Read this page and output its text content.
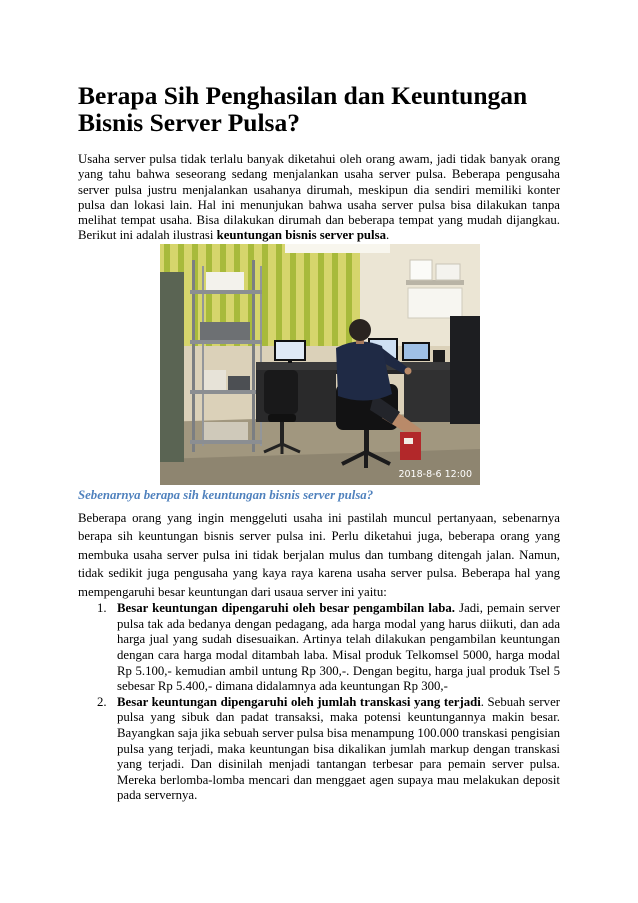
Berapa Sih Penghasilan dan Keuntungan
Bisnis Server Pulsa?

Usaha server pulsa tidak terlalu banyak diketahui oleh orang awam, jadi tidak banyak orang yang tahu bahwa seseorang sedang menjalankan usaha server pulsa. Beberapa pengusaha server pulsa justru menjalankan usahanya dirumah, meskipun dia sendiri memiliki konter pulsa dan lokasi lain. Hal ini menunjukan bahwa usaha server pulsa bisa dilakukan tanpa melihat tempat usaha. Bisa dilakukan dirumah dan beberapa tempat yang mudah dijangkau. Berikut ini adalah ilustrasi keuntungan bisnis server pulsa.

2018-8-6 12:00

Sebenarnya berapa sih keuntungan bisnis server pulsa?

Beberapa orang yang ingin menggeluti usaha ini pastilah muncul pertanyaan, sebenarnya berapa sih keuntungan bisnis server pulsa ini. Perlu diketahui juga, beberapa orang yang membuka usaha server pulsa ini tidak berjalan mulus dan tumbang ditengah jalan. Namun, tidak sedikit juga pengusaha yang kaya raya karena usaha server pulsa. Beberapa hal yang mempengaruhi besar keuntungan dari usaua server ini yaitu:

1. Besar keuntungan dipengaruhi oleh besar pengambilan laba. Jadi, pemain server pulsa tak ada bedanya dengan pedagang, ada harga modal yang harus diikuti, dan ada harga jual yang sudah disesuaikan. Artinya telah dilakukan pengambilan keuntungan dengan cara harga modal ditambah laba. Misal produk Telkomsel 5000, harga modal Rp 5.100,- kemudian ambil untung Rp 300,-. Dengan begitu, harga jual produk Tsel 5 sebesar Rp 5.400,- dimana didalamnya ada keuntungan Rp 300,-
2. Besar keuntungan dipengaruhi oleh jumlah transkasi yang terjadi. Sebuah server pulsa yang sibuk dan padat transaksi, maka potensi keuntungannya makin besar. Bayangkan saja jika sebuah server pulsa bisa menampung 100.000 transkasi pengisian pulsa yang terjadi, maka keuntungan bisa dikalikan jumlah markup dengan transkasi yang terjadi. Dan disinilah menjadi tantangan terbesar para pemain server pulsa. Mereka berlomba-lomba mencari dan menggaet agen supaya mau melakukan deposit pada servernya.
